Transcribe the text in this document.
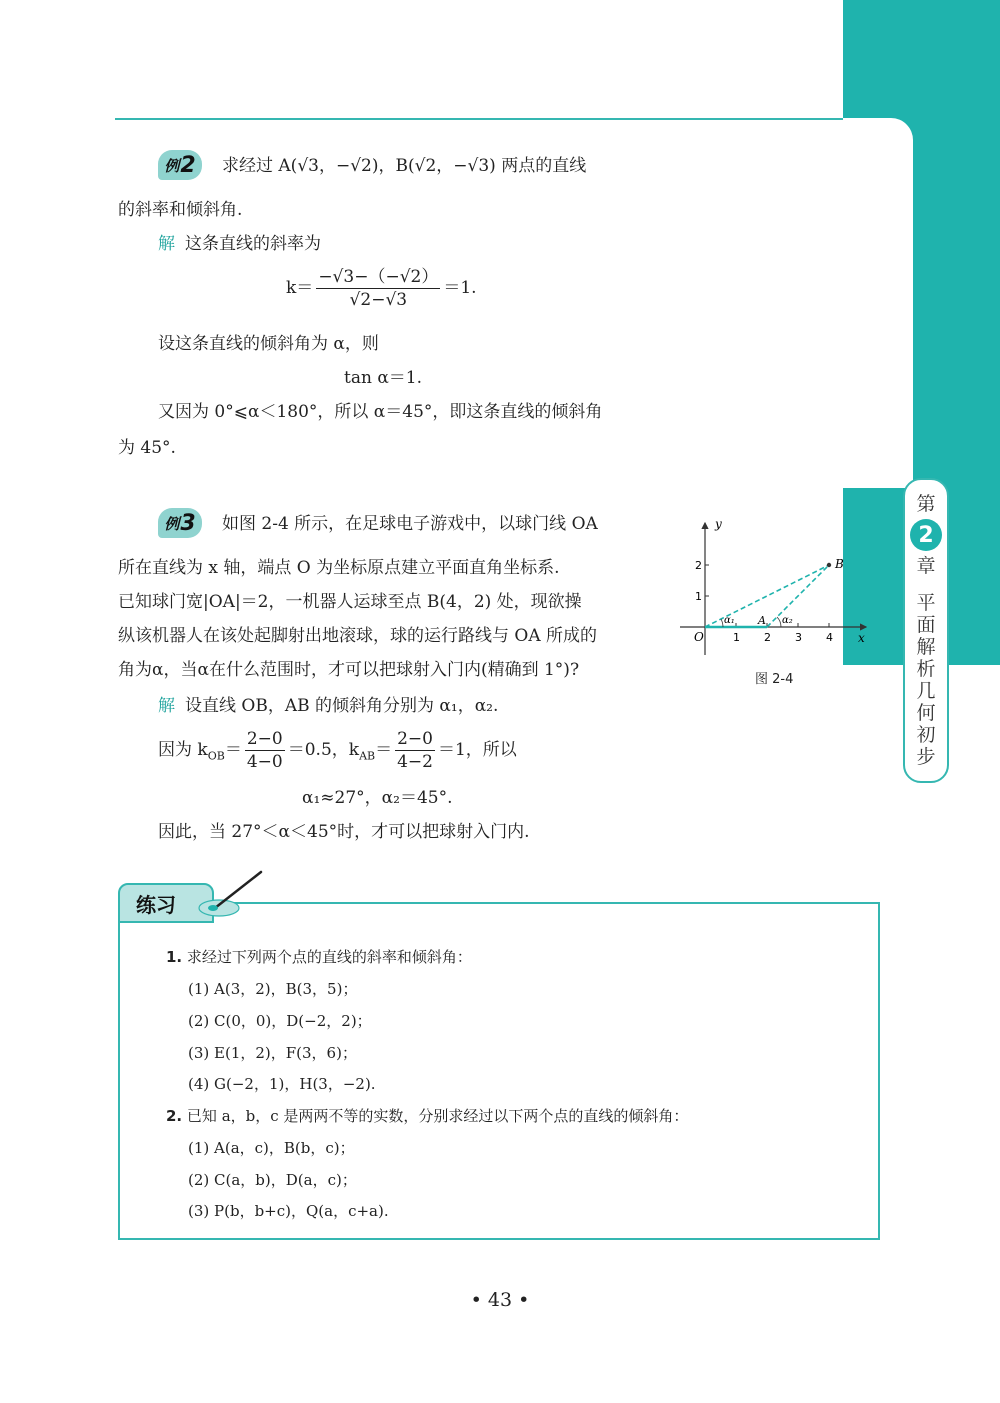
第
2
章
平面解析几何初步
例 2 求经过 A(√3，−√2)，B(√2，−√3) 两点的直线
的斜率和倾斜角.
解 这条直线的斜率为
$k= \frac{-√3-(-√2)}{√2-√3} =1$.
设这条直线的倾斜角为 α，则
tan α＝1.
又因为 0°⩽α＜180°，所以 α＝45°，即这条直线的倾斜角
为 45°.
例 3 如图 2-4 所示，在足球电子游戏中，以球门线 OA
所在直线为 x 轴，端点 O 为坐标原点建立平面直角坐标系.
已知球门宽|OA|＝2，一机器人运球至点 B(4，2) 处，现欲操
纵该机器人在该处起脚射出地滚球，球的运行路线与 OA 所成的
角为α，当α在什么范围时，才可以把球射入门内(精确到 1°)?
解 设直线 OB，AB 的倾斜角分别为 α₁，α₂.
因为 $k_{OB}= \frac{2-0}{4-0} =0.5$，$k_{AB}= \frac{2-0}{4-2} =1$，所以
α₁≈27°，α₂＝45°.
因此，当 27°＜α＜45°时，才可以把球射入门内.
y
x
O
A
B
α₁	α₂
1 2 3 4
1
2
图 2-4
练习
1. 求经过下列两个点的直线的斜率和倾斜角：
(1) A(3，2)，B(3，5)；
(2) C(0，0)，D(−2，2)；
(3) E(1，2)，F(3，6)；
(4) G(−2，1)，H(3，−2).
2. 已知 a，b，c 是两两不等的实数，分别求经过以下两个点的直线的倾斜角：
(1) A(a，c)，B(b，c)；
(2) C(a，b)，D(a，c)；
(3) P(b，b+c)，Q(a，c+a).
• 43 •
